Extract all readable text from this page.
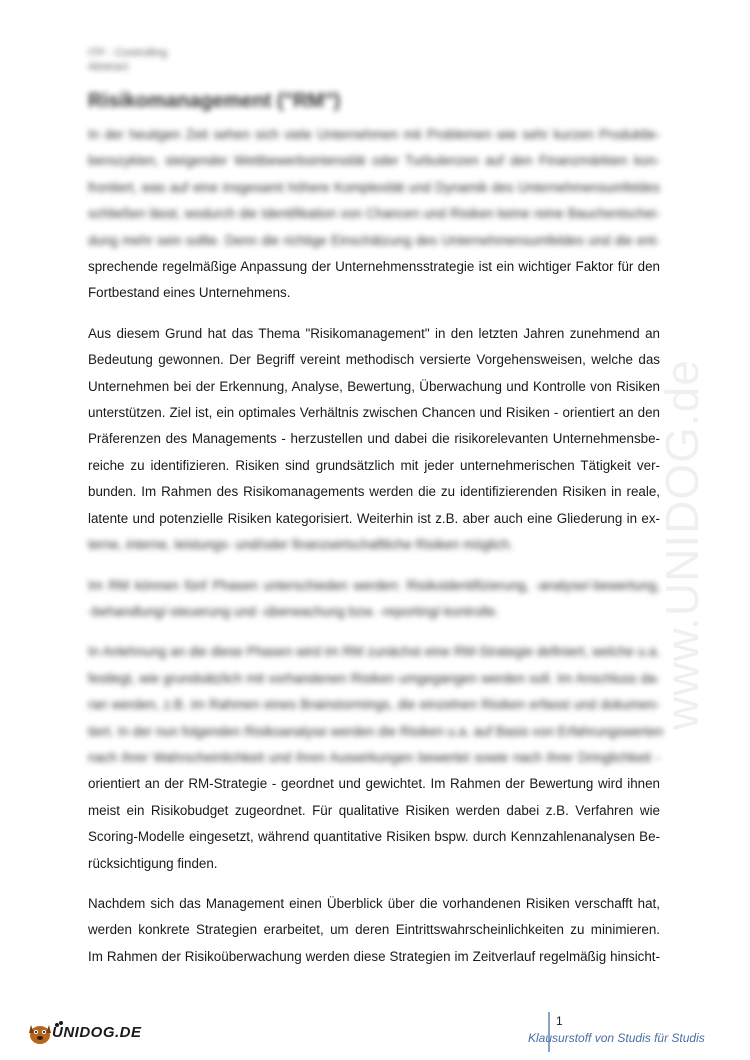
ITP - Controlling
Abstract
Risikomanagement ("RM")
www.UNIDOG.de

In der heutigen Zeit sehen sich viele Unternehmen mit Problemen wie sehr kurzen Produktle-
benszyklen, steigender Wettbewerbsintensität oder Turbulenzen auf den Finanzmärkten kon-
frontiert, was auf eine insgesamt höhere Komplexität und Dynamik des Unternehmensumfeldes
schließen lässt, wodurch die Identifikation von Chancen und Risiken keine reine Bauchentschei-
dung mehr sein sollte. Denn die richtige Einschätzung des Unternehmensumfeldes und die ent-
sprechende regelmäßige Anpassung der Unternehmensstrategie ist ein wichtiger Faktor für den
Fortbestand eines Unternehmens.

Aus diesem Grund hat das Thema "Risikomanagement" in den letzten Jahren zunehmend an
Bedeutung gewonnen. Der Begriff vereint methodisch versierte Vorgehensweisen, welche das
Unternehmen bei der Erkennung, Analyse, Bewertung, Überwachung und Kontrolle von Risiken
unterstützen. Ziel ist, ein optimales Verhältnis zwischen Chancen und Risiken - orientiert an den
Präferenzen des Managements - herzustellen und dabei die risikorelevanten Unternehmensbe-
reiche zu identifizieren. Risiken sind grundsätzlich mit jeder unternehmerischen Tätigkeit ver-
bunden. Im Rahmen des Risikomanagements werden die zu identifizierenden Risiken in reale,
latente und potenzielle Risiken kategorisiert. Weiterhin ist z.B. aber auch eine Gliederung in ex-
terne, interne, leistungs- und/oder finanzwirtschaftliche Risiken möglich.

Im RM können fünf Phasen unterschieden werden: Risikoidentifizierung, -analyse/-bewertung,
-behandlung/-steuerung und -überwachung bzw. -reporting/-kontrolle.

In Anlehnung an die diese Phasen wird im RM zunächst eine RM-Strategie definiert, welche u.a.
festlegt, wie grundsätzlich mit vorhandenen Risiken umgegangen werden soll. Im Anschluss da-
ran werden, z.B. im Rahmen eines Brainstormings, die einzelnen Risiken erfasst und dokumen-
tiert. In der nun folgenden Risikoanalyse werden die Risiken u.a. auf Basis von Erfahrungswerten
nach ihrer Wahrscheinlichkeit und ihren Auswirkungen bewertet sowie nach ihrer Dringlichkeit -
orientiert an der RM-Strategie - geordnet und gewichtet. Im Rahmen der Bewertung wird ihnen
meist ein Risikobudget zugeordnet. Für qualitative Risiken werden dabei z.B. Verfahren wie
Scoring-Modelle eingesetzt, während quantitative Risiken bspw. durch Kennzahlenanalysen Be-
rücksichtigung finden.

Nachdem sich das Management einen Überblick über die vorhandenen Risiken verschafft hat,
werden konkrete Strategien erarbeitet, um deren Eintrittswahrscheinlichkeiten zu minimieren.
Im Rahmen der Risikoüberwachung werden diese Strategien im Zeitverlauf regelmäßig hinsicht-

UNIDOG.DE
1
Klausurstoff von Studis für Studis
